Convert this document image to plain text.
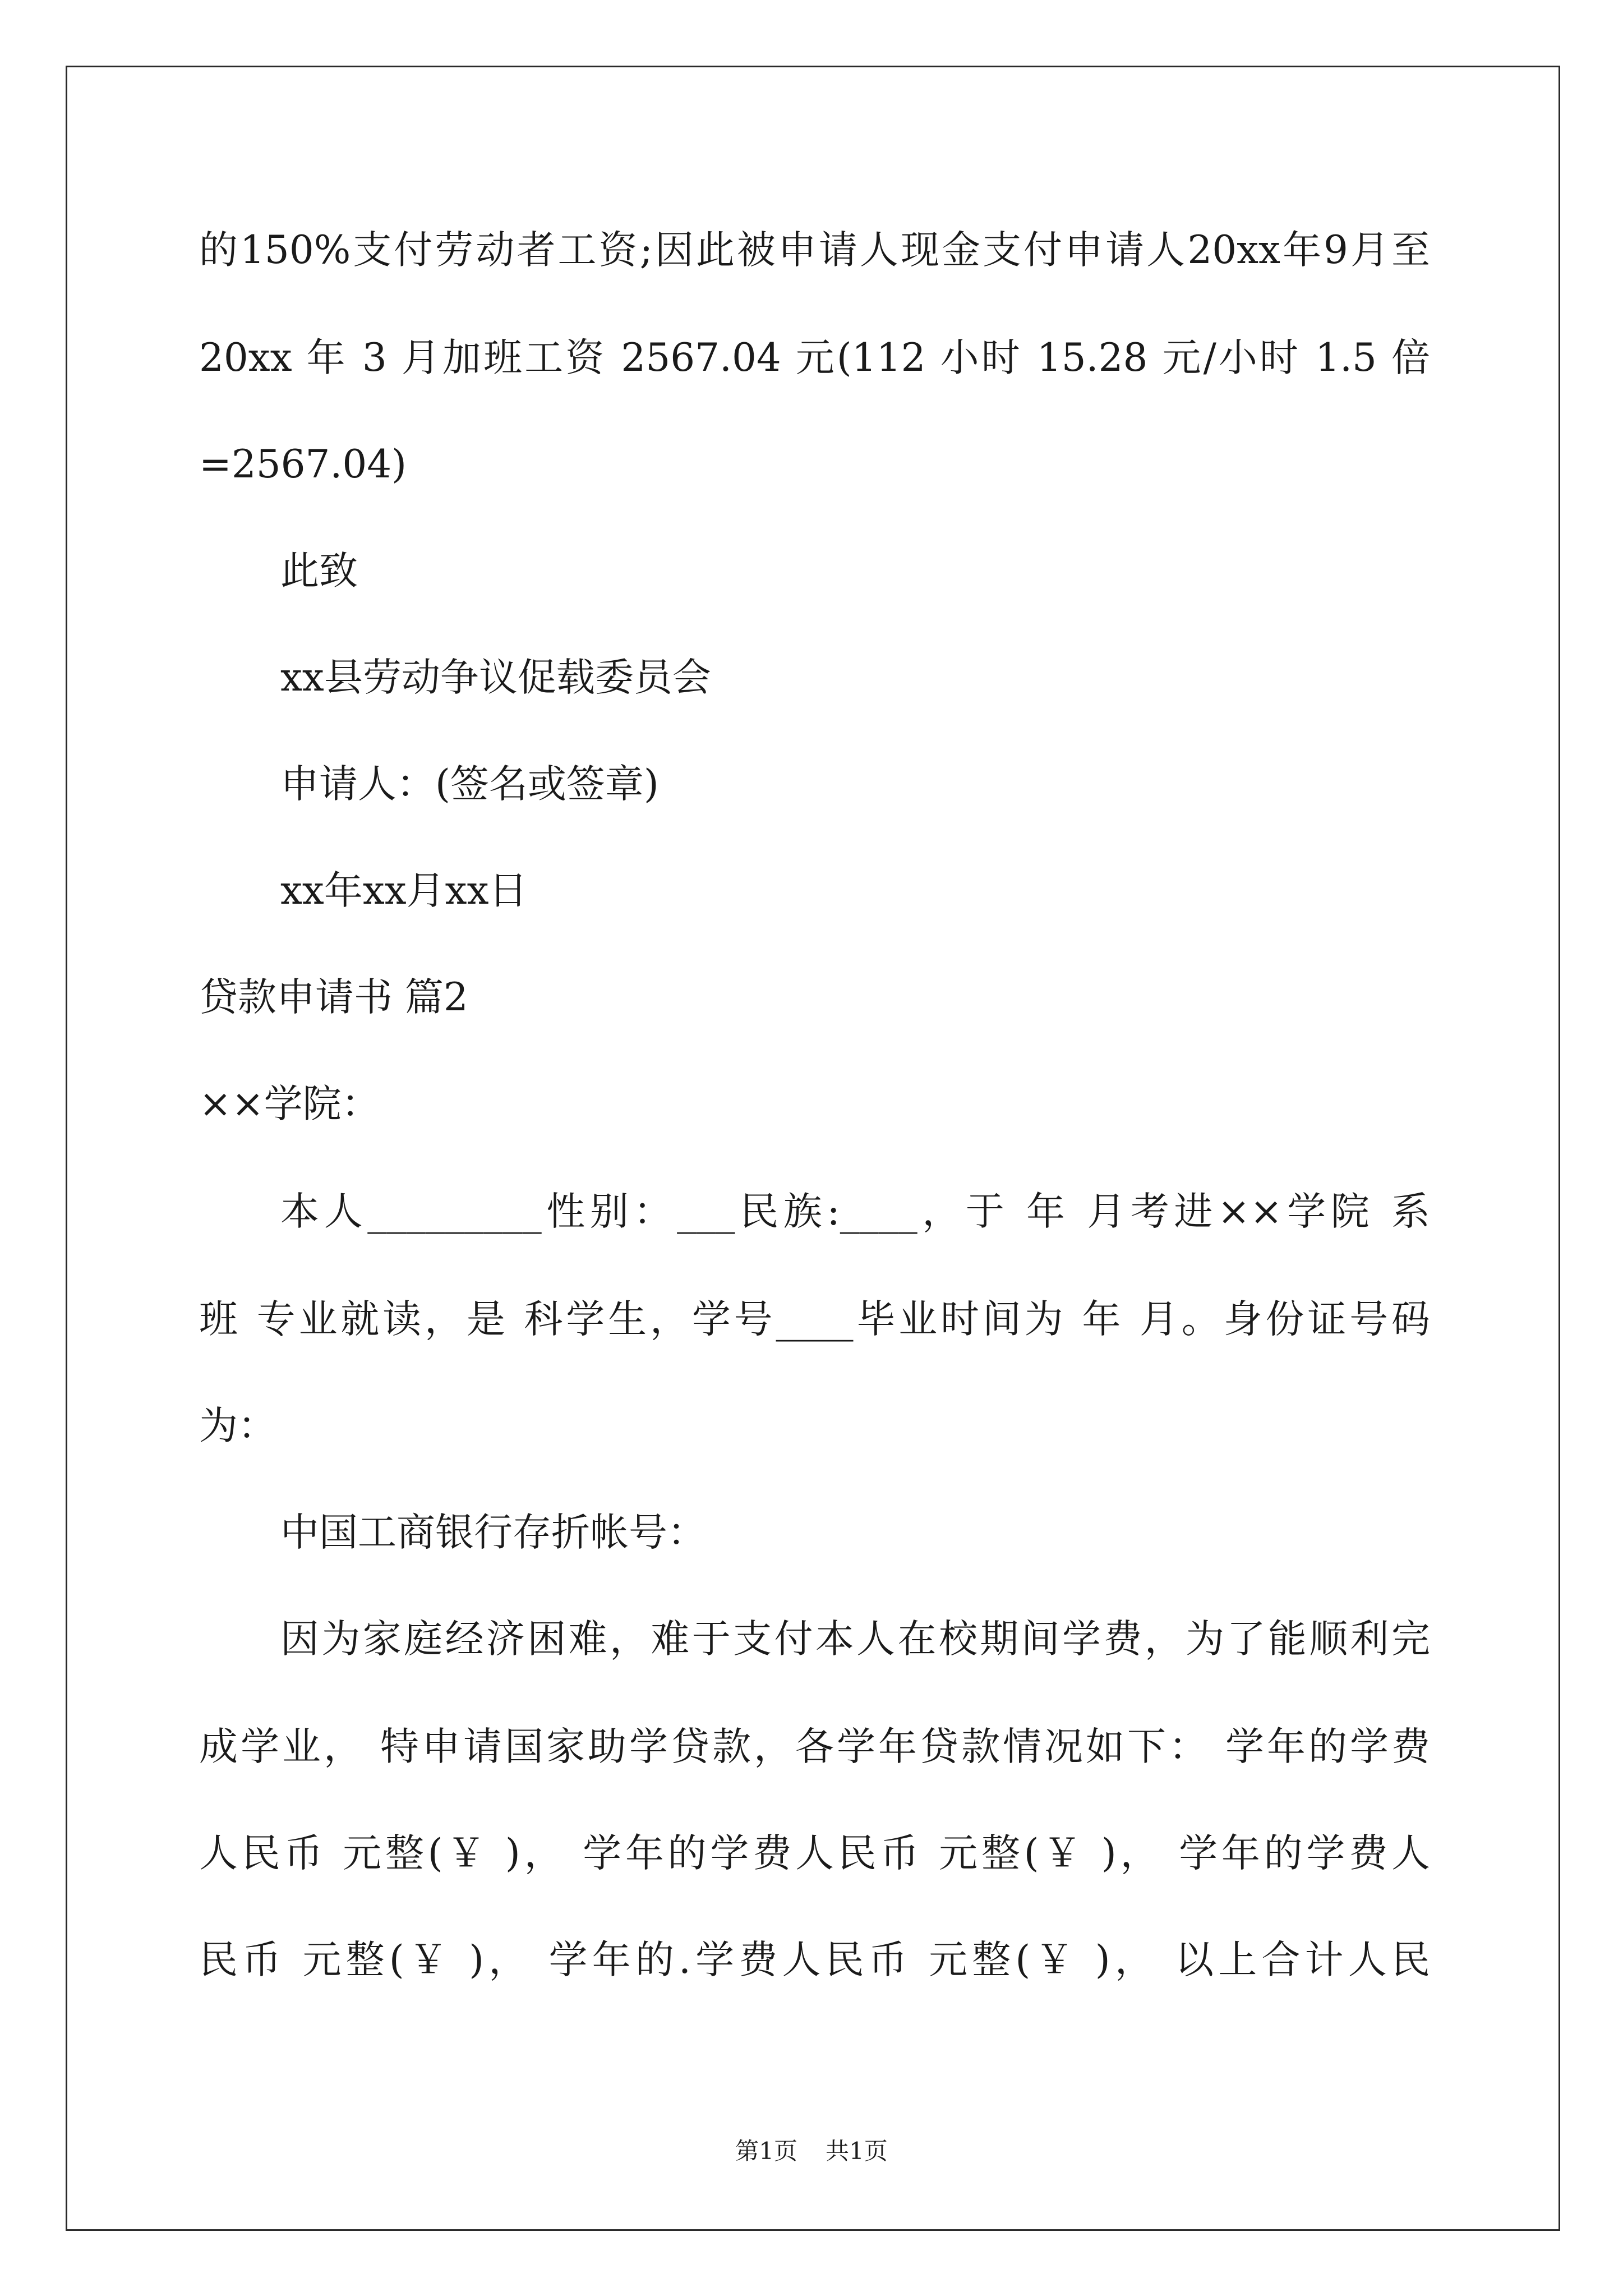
的150%支付劳动者工资;因此被申请人现金支付申请人20xx年9月至
20xx 年 3 月加班工资 2567.04 元(112 小时 15.28 元/小时 1.5 倍
=2567.04)
此致
xx县劳动争议促载委员会
申请人：(签名或签章)
xx年xx月xx日
贷款申请书 篇2
××学院：
本人_________性别：___民族:____，于 年 月考进××学院 系
班 专业就读，是 科学生，学号____毕业时间为 年 月。身份证号码
为：
中国工商银行存折帐号：
因为家庭经济困难，难于支付本人在校期间学费，为了能顺利完
成学业， 特申请国家助学贷款，各学年贷款情况如下： 学年的学费
人民币 元整(￥ )， 学年的学费人民币 元整(￥ )， 学年的学费人
民币 元整(￥ )， 学年的.学费人民币 元整(￥ )， 以上合计人民
第1页 共1页
